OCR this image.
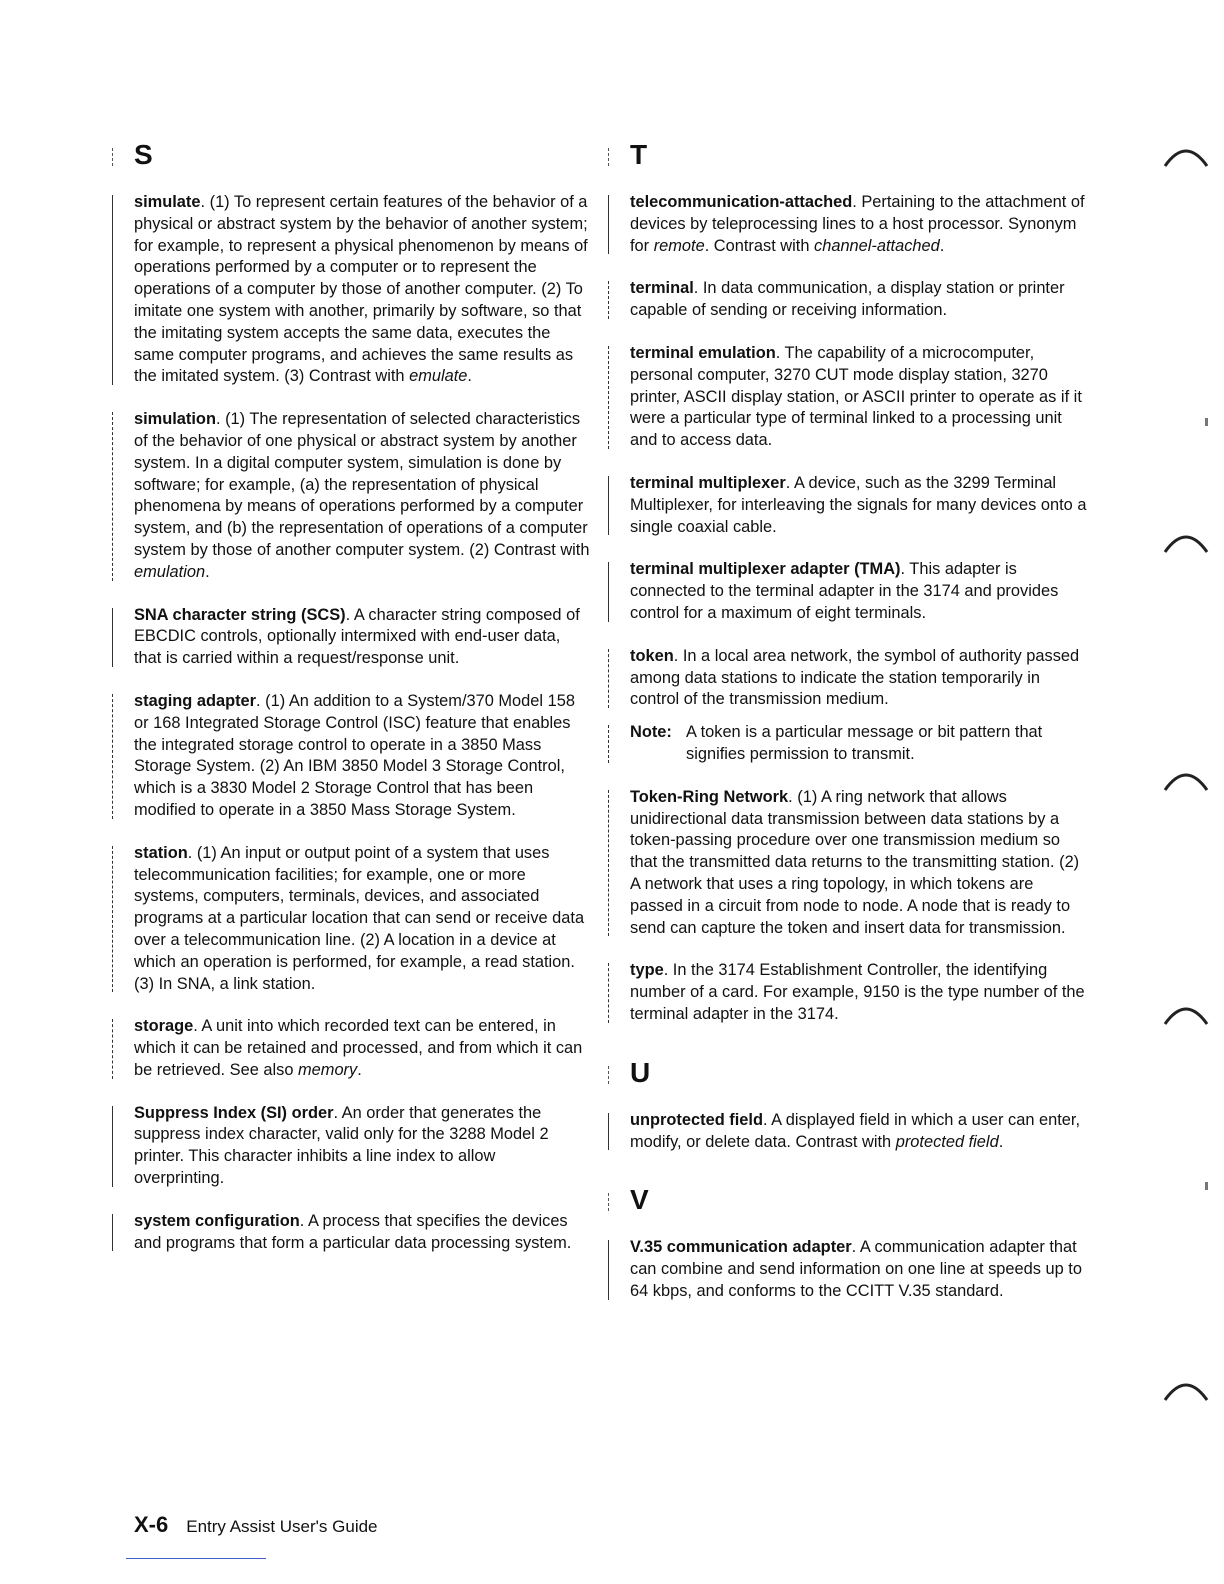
S
simulate. (1) To represent certain features of the behavior of a physical or abstract system by the behavior of another system; for example, to represent a physical phenomenon by means of operations performed by a computer or to represent the operations of a computer by those of another computer. (2) To imitate one system with another, primarily by software, so that the imitating system accepts the same data, executes the same computer programs, and achieves the same results as the imitated system. (3) Contrast with emulate.
simulation. (1) The representation of selected characteristics of the behavior of one physical or abstract system by another system. In a digital computer system, simulation is done by software; for example, (a) the representation of physical phenomena by means of operations performed by a computer system, and (b) the representation of operations of a computer system by those of another computer system. (2) Contrast with emulation.
SNA character string (SCS). A character string composed of EBCDIC controls, optionally intermixed with end-user data, that is carried within a request/response unit.
staging adapter. (1) An addition to a System/370 Model 158 or 168 Integrated Storage Control (ISC) feature that enables the integrated storage control to operate in a 3850 Mass Storage System. (2) An IBM 3850 Model 3 Storage Control, which is a 3830 Model 2 Storage Control that has been modified to operate in a 3850 Mass Storage System.
station. (1) An input or output point of a system that uses telecommunication facilities; for example, one or more systems, computers, terminals, devices, and associated programs at a particular location that can send or receive data over a telecommunication line. (2) A location in a device at which an operation is performed, for example, a read station. (3) In SNA, a link station.
storage. A unit into which recorded text can be entered, in which it can be retained and processed, and from which it can be retrieved. See also memory.
Suppress Index (SI) order. An order that generates the suppress index character, valid only for the 3288 Model 2 printer. This character inhibits a line index to allow overprinting.
system configuration. A process that specifies the devices and programs that form a particular data processing system.
T
telecommunication-attached. Pertaining to the attachment of devices by teleprocessing lines to a host processor. Synonym for remote. Contrast with channel-attached.
terminal. In data communication, a display station or printer capable of sending or receiving information.
terminal emulation. The capability of a microcomputer, personal computer, 3270 CUT mode display station, 3270 printer, ASCII display station, or ASCII printer to operate as if it were a particular type of terminal linked to a processing unit and to access data.
terminal multiplexer. A device, such as the 3299 Terminal Multiplexer, for interleaving the signals for many devices onto a single coaxial cable.
terminal multiplexer adapter (TMA). This adapter is connected to the terminal adapter in the 3174 and provides control for a maximum of eight terminals.
token. In a local area network, the symbol of authority passed among data stations to indicate the station temporarily in control of the transmission medium.
Note: A token is a particular message or bit pattern that signifies permission to transmit.
Token-Ring Network. (1) A ring network that allows unidirectional data transmission between data stations by a token-passing procedure over one transmission medium so that the transmitted data returns to the transmitting station. (2) A network that uses a ring topology, in which tokens are passed in a circuit from node to node. A node that is ready to send can capture the token and insert data for transmission.
type. In the 3174 Establishment Controller, the identifying number of a card. For example, 9150 is the type number of the terminal adapter in the 3174.
U
unprotected field. A displayed field in which a user can enter, modify, or delete data. Contrast with protected field.
V
V.35 communication adapter. A communication adapter that can combine and send information on one line at speeds up to 64 kbps, and conforms to the CCITT V.35 standard.
X-6 Entry Assist User's Guide
